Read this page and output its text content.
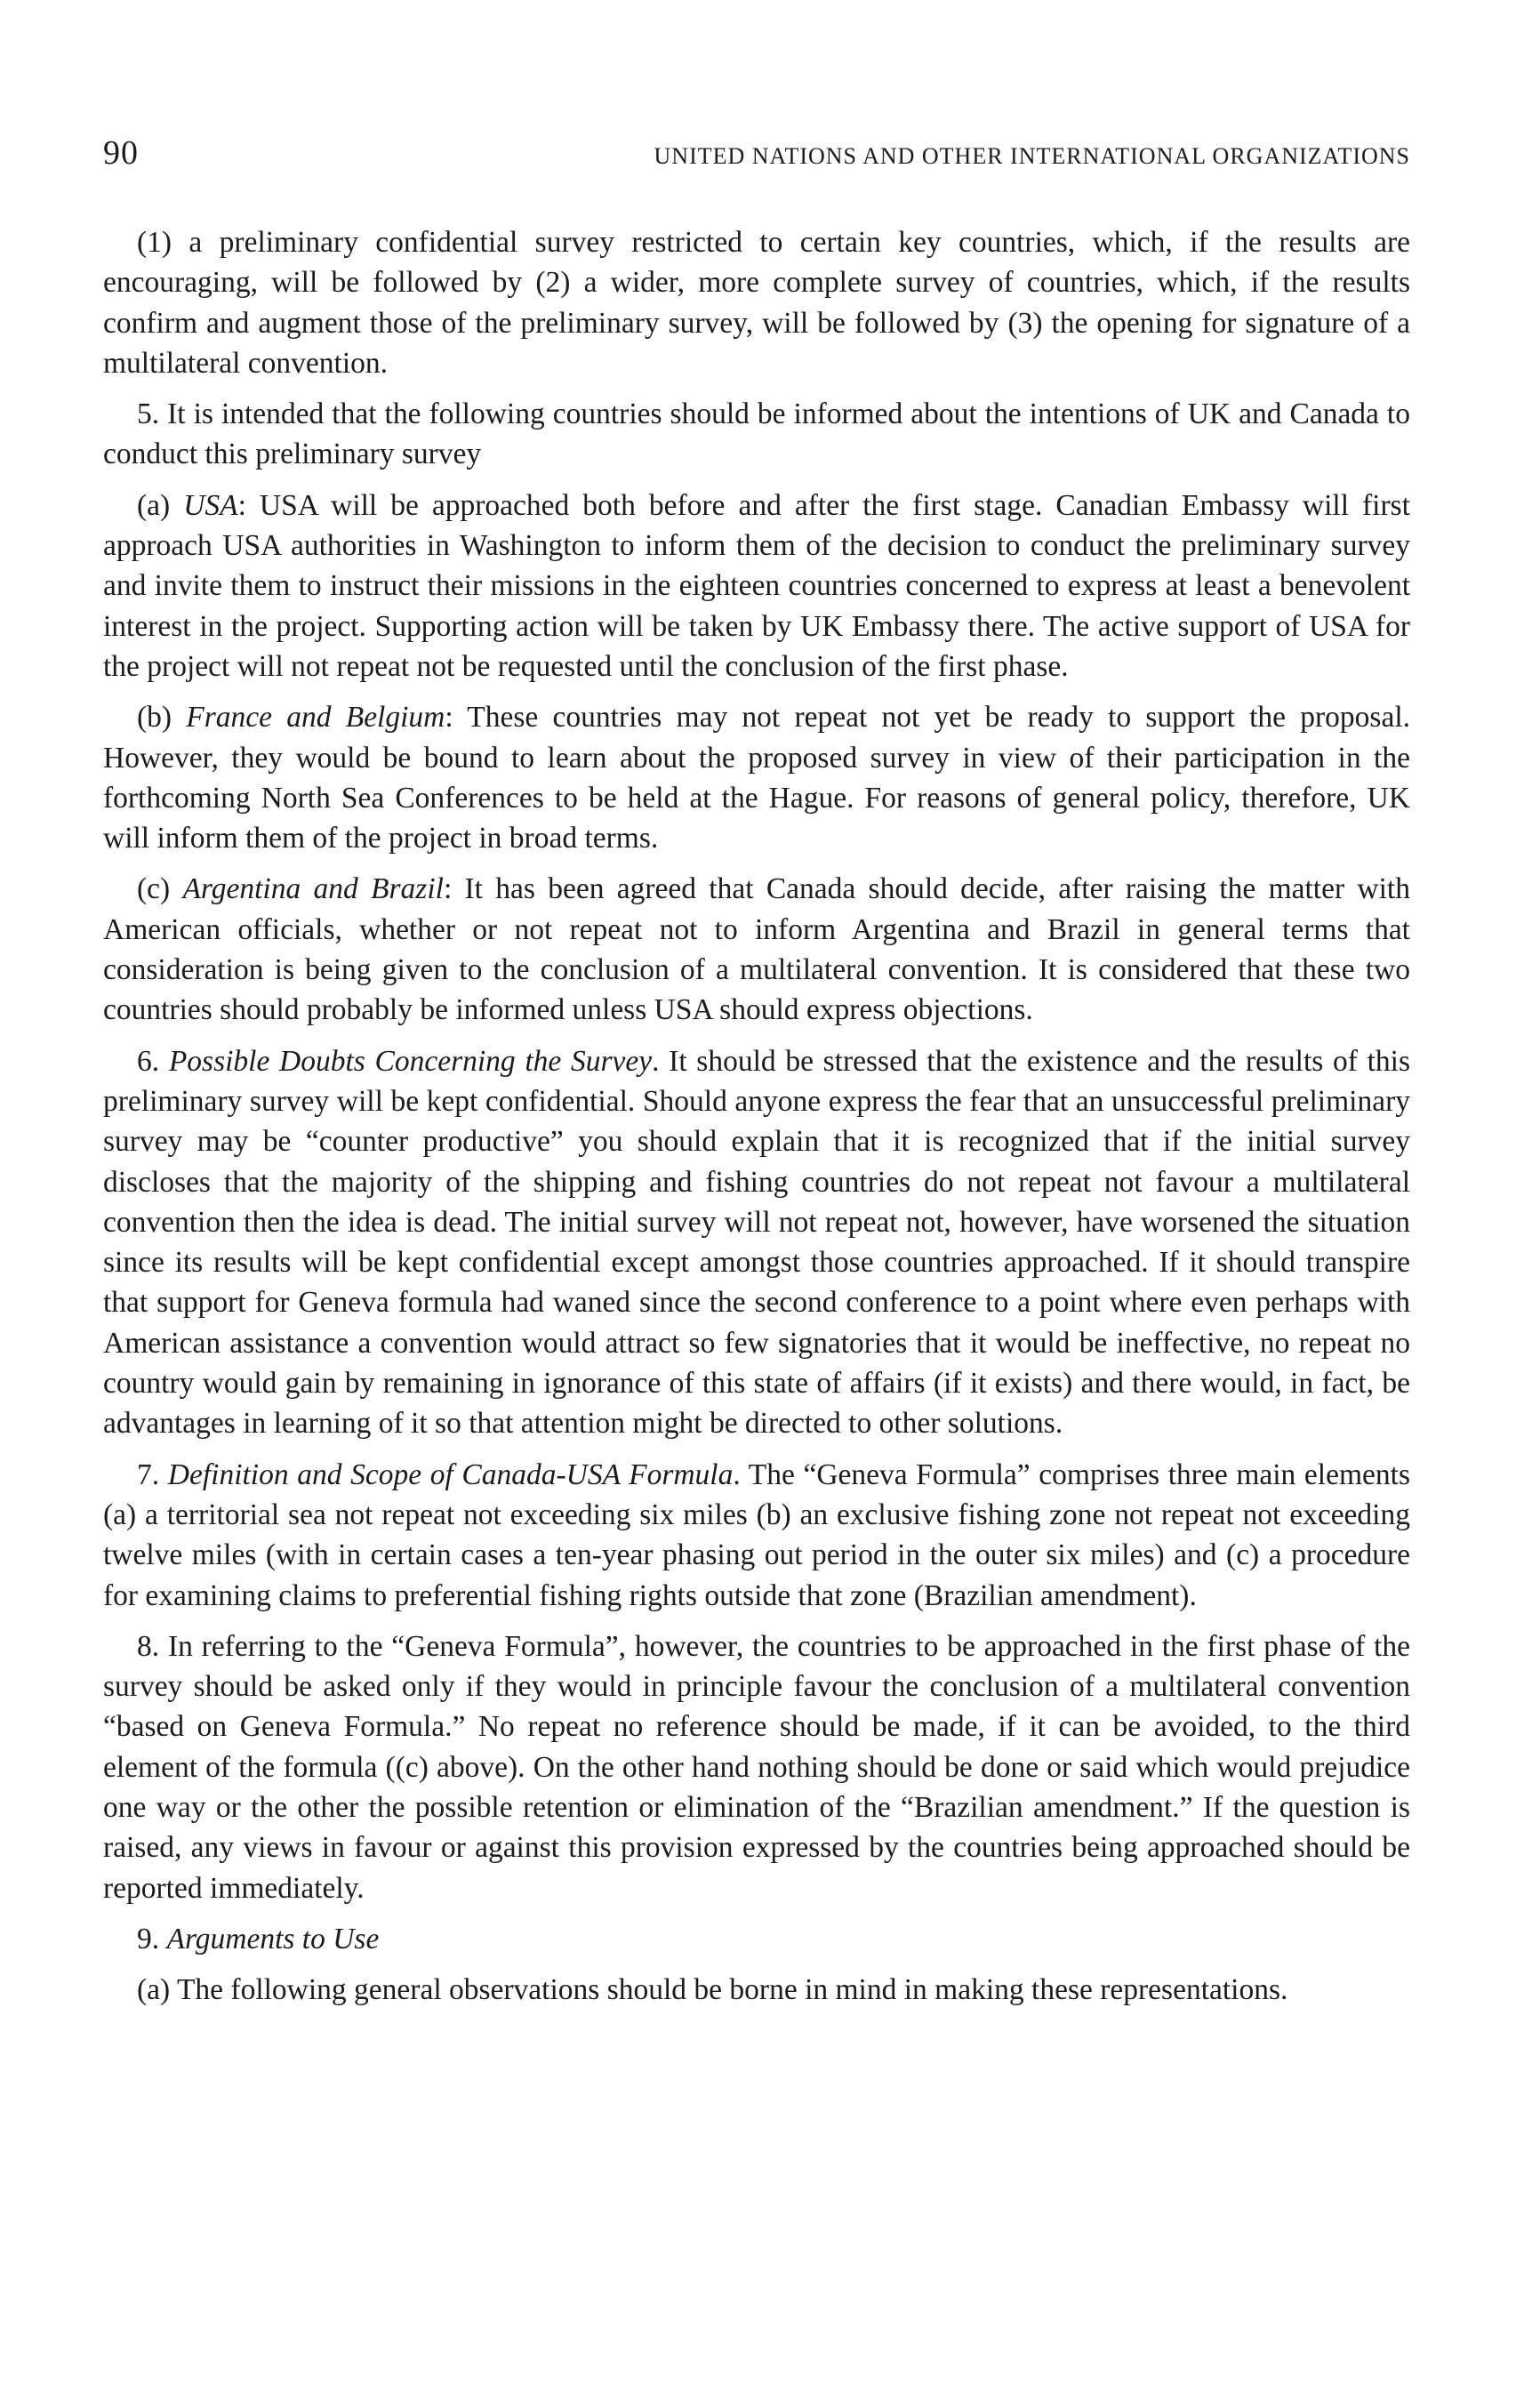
90	UNITED NATIONS AND OTHER INTERNATIONAL ORGANIZATIONS

(1) a preliminary confidential survey restricted to certain key countries, which, if the results are encouraging, will be followed by (2) a wider, more complete survey of countries, which, if the results confirm and augment those of the preliminary survey, will be followed by (3) the opening for signature of a multilateral convention.

5. It is intended that the following countries should be informed about the intentions of UK and Canada to conduct this preliminary survey

(a) USA: USA will be approached both before and after the first stage. Canadian Embassy will first approach USA authorities in Washington to inform them of the decision to conduct the preliminary survey and invite them to instruct their missions in the eighteen countries concerned to express at least a benevolent interest in the project. Supporting action will be taken by UK Embassy there. The active support of USA for the project will not repeat not be requested until the conclusion of the first phase.

(b) France and Belgium: These countries may not repeat not yet be ready to support the proposal. However, they would be bound to learn about the proposed survey in view of their participation in the forthcoming North Sea Conferences to be held at the Hague. For reasons of general policy, therefore, UK will inform them of the project in broad terms.

(c) Argentina and Brazil: It has been agreed that Canada should decide, after raising the matter with American officials, whether or not repeat not to inform Argentina and Brazil in general terms that consideration is being given to the conclusion of a multilateral convention. It is considered that these two countries should probably be informed unless USA should express objections.

6. Possible Doubts Concerning the Survey. It should be stressed that the existence and the results of this preliminary survey will be kept confidential. Should anyone express the fear that an unsuccessful preliminary survey may be “counter productive” you should explain that it is recognized that if the initial survey discloses that the majority of the shipping and fishing countries do not repeat not favour a multilateral convention then the idea is dead. The initial survey will not repeat not, however, have worsened the situation since its results will be kept confidential except amongst those countries approached. If it should transpire that support for Geneva formula had waned since the second conference to a point where even perhaps with American assistance a convention would attract so few signatories that it would be ineffective, no repeat no country would gain by remaining in ignorance of this state of affairs (if it exists) and there would, in fact, be advantages in learning of it so that attention might be directed to other solutions.

7. Definition and Scope of Canada-USA Formula. The “Geneva Formula” comprises three main elements (a) a territorial sea not repeat not exceeding six miles (b) an exclusive fishing zone not repeat not exceeding twelve miles (with in certain cases a ten-year phasing out period in the outer six miles) and (c) a procedure for examining claims to preferential fishing rights outside that zone (Brazilian amendment).

8. In referring to the “Geneva Formula”, however, the countries to be approached in the first phase of the survey should be asked only if they would in principle favour the conclusion of a multilateral convention “based on Geneva Formula.” No repeat no reference should be made, if it can be avoided, to the third element of the formula ((c) above). On the other hand nothing should be done or said which would prejudice one way or the other the possible retention or elimination of the “Brazilian amendment.” If the question is raised, any views in favour or against this provision expressed by the countries being approached should be reported immediately.

9. Arguments to Use

(a) The following general observations should be borne in mind in making these representations.
